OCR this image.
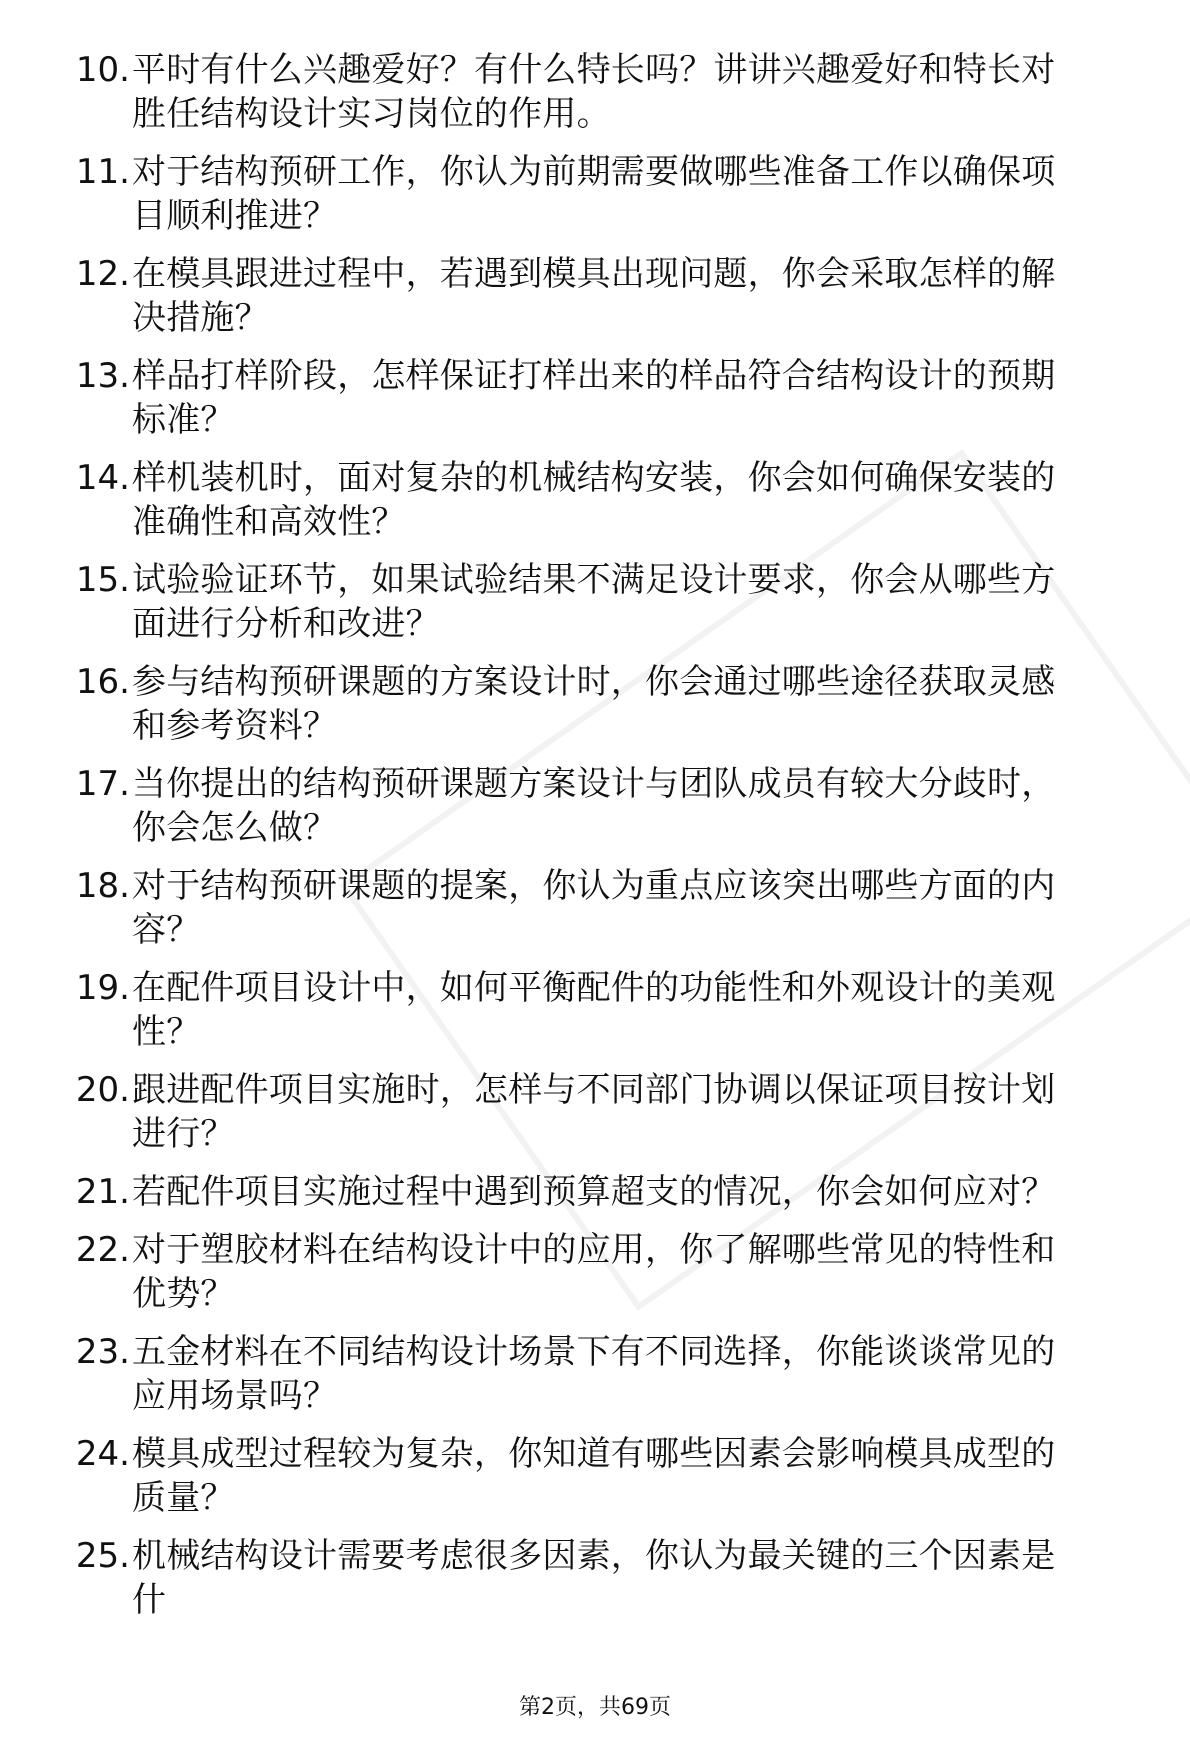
10. 平时有什么兴趣爱好？有什么特长吗？讲讲兴趣爱好和特长对胜任结构设计实习岗位的作用。
11. 对于结构预研工作，你认为前期需要做哪些准备工作以确保项目顺利推进？
12. 在模具跟进过程中，若遇到模具出现问题，你会采取怎样的解决措施？
13. 样品打样阶段，怎样保证打样出来的样品符合结构设计的预期标准？
14. 样机装机时，面对复杂的机械结构安装，你会如何确保安装的准确性和高效性？
15. 试验验证环节，如果试验结果不满足设计要求，你会从哪些方面进行分析和改进？
16. 参与结构预研课题的方案设计时，你会通过哪些途径获取灵感和参考资料？
17. 当你提出的结构预研课题方案设计与团队成员有较大分歧时，你会怎么做？
18. 对于结构预研课题的提案，你认为重点应该突出哪些方面的内容？
19. 在配件项目设计中，如何平衡配件的功能性和外观设计的美观性？
20. 跟进配件项目实施时，怎样与不同部门协调以保证项目按计划进行？
21. 若配件项目实施过程中遇到预算超支的情况，你会如何应对？
22. 对于塑胶材料在结构设计中的应用，你了解哪些常见的特性和优势？
23. 五金材料在不同结构设计场景下有不同选择，你能谈谈常见的应用场景吗？
24. 模具成型过程较为复杂，你知道有哪些因素会影响模具成型的质量？
25. 机械结构设计需要考虑很多因素，你认为最关键的三个因素是什
第2页，共69页
